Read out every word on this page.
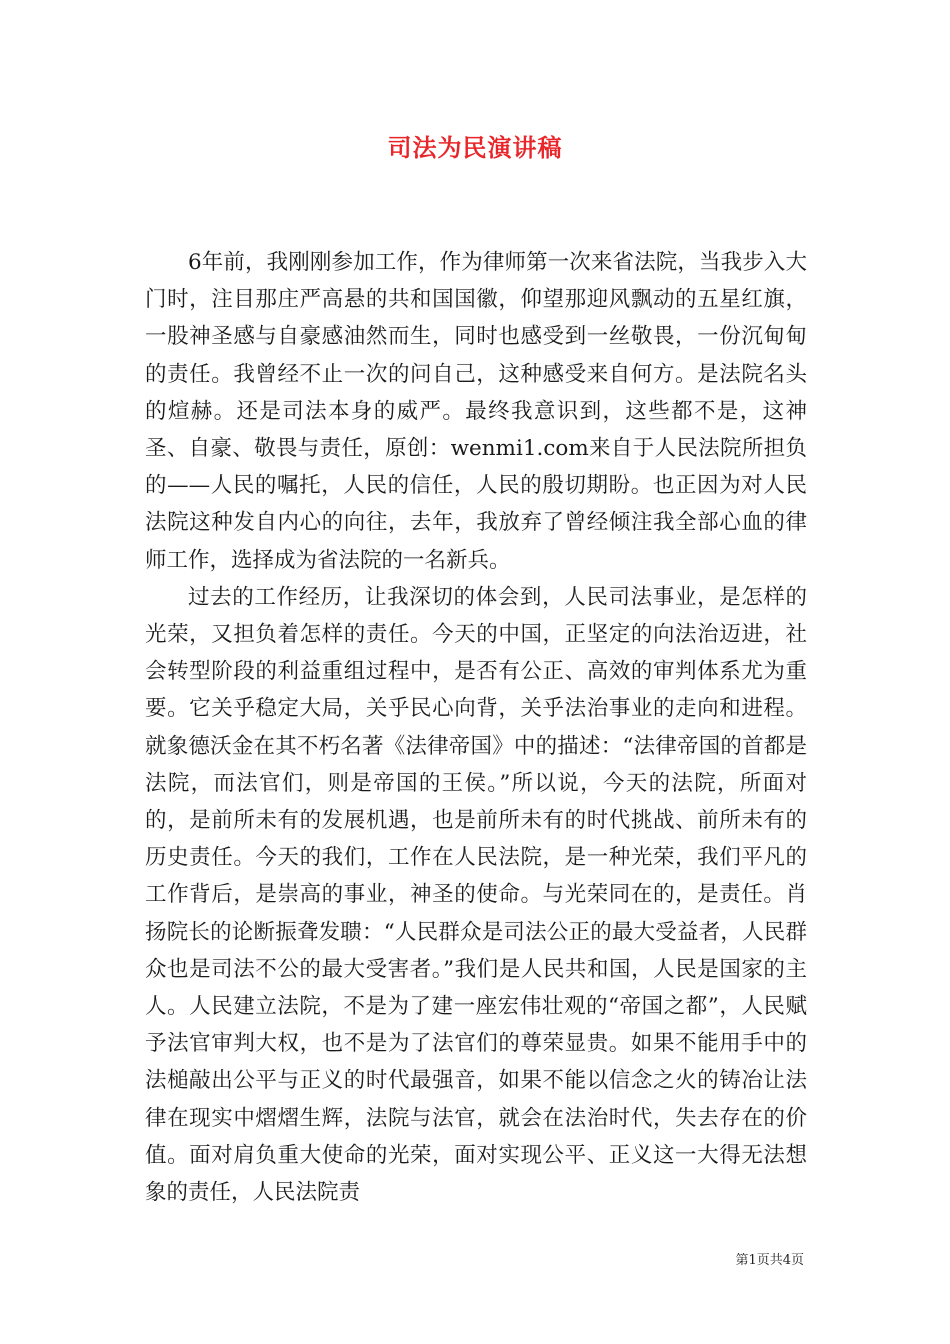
司法为民演讲稿

6年前，我刚刚参加工作，作为律师第一次来省法院，当我步入大门时，注目那庄严高悬的共和国国徽，仰望那迎风飘动的五星红旗，一股神圣感与自豪感油然而生，同时也感受到一丝敬畏，一份沉甸甸的责任。我曾经不止一次的问自己，这种感受来自何方。是法院名头的煊赫。还是司法本身的威严。最终我意识到，这些都不是，这神圣、自豪、敬畏与责任，原创：wenmi1.com来自于人民法院所担负的——人民的嘱托，人民的信任，人民的殷切期盼。也正因为对人民法院这种发自内心的向往，去年，我放弃了曾经倾注我全部心血的律师工作，选择成为省法院的一名新兵。

过去的工作经历，让我深切的体会到，人民司法事业，是怎样的光荣，又担负着怎样的责任。今天的中国，正坚定的向法治迈进，社会转型阶段的利益重组过程中，是否有公正、高效的审判体系尤为重要。它关乎稳定大局，关乎民心向背，关乎法治事业的走向和进程。就象德沃金在其不朽名著《法律帝国》中的描述：“法律帝国的首都是法院，而法官们，则是帝国的王侯。”所以说，今天的法院，所面对的，是前所未有的发展机遇，也是前所未有的时代挑战、前所未有的历史责任。今天的我们，工作在人民法院，是一种光荣，我们平凡的工作背后，是崇高的事业，神圣的使命。与光荣同在的，是责任。肖扬院长的论断振聋发聩：“人民群众是司法公正的最大受益者，人民群众也是司法不公的最大受害者。”我们是人民共和国，人民是国家的主人。人民建立法院，不是为了建一座宏伟壮观的“帝国之都”，人民赋予法官审判大权，也不是为了法官们的尊荣显贵。如果不能用手中的法槌敲出公平与正义的时代最强音，如果不能以信念之火的铸冶让法律在现实中熠熠生辉，法院与法官，就会在法治时代，失去存在的价值。面对肩负重大使命的光荣，面对实现公平、正义这一大得无法想象的责任，人民法院责

第1页共4页
